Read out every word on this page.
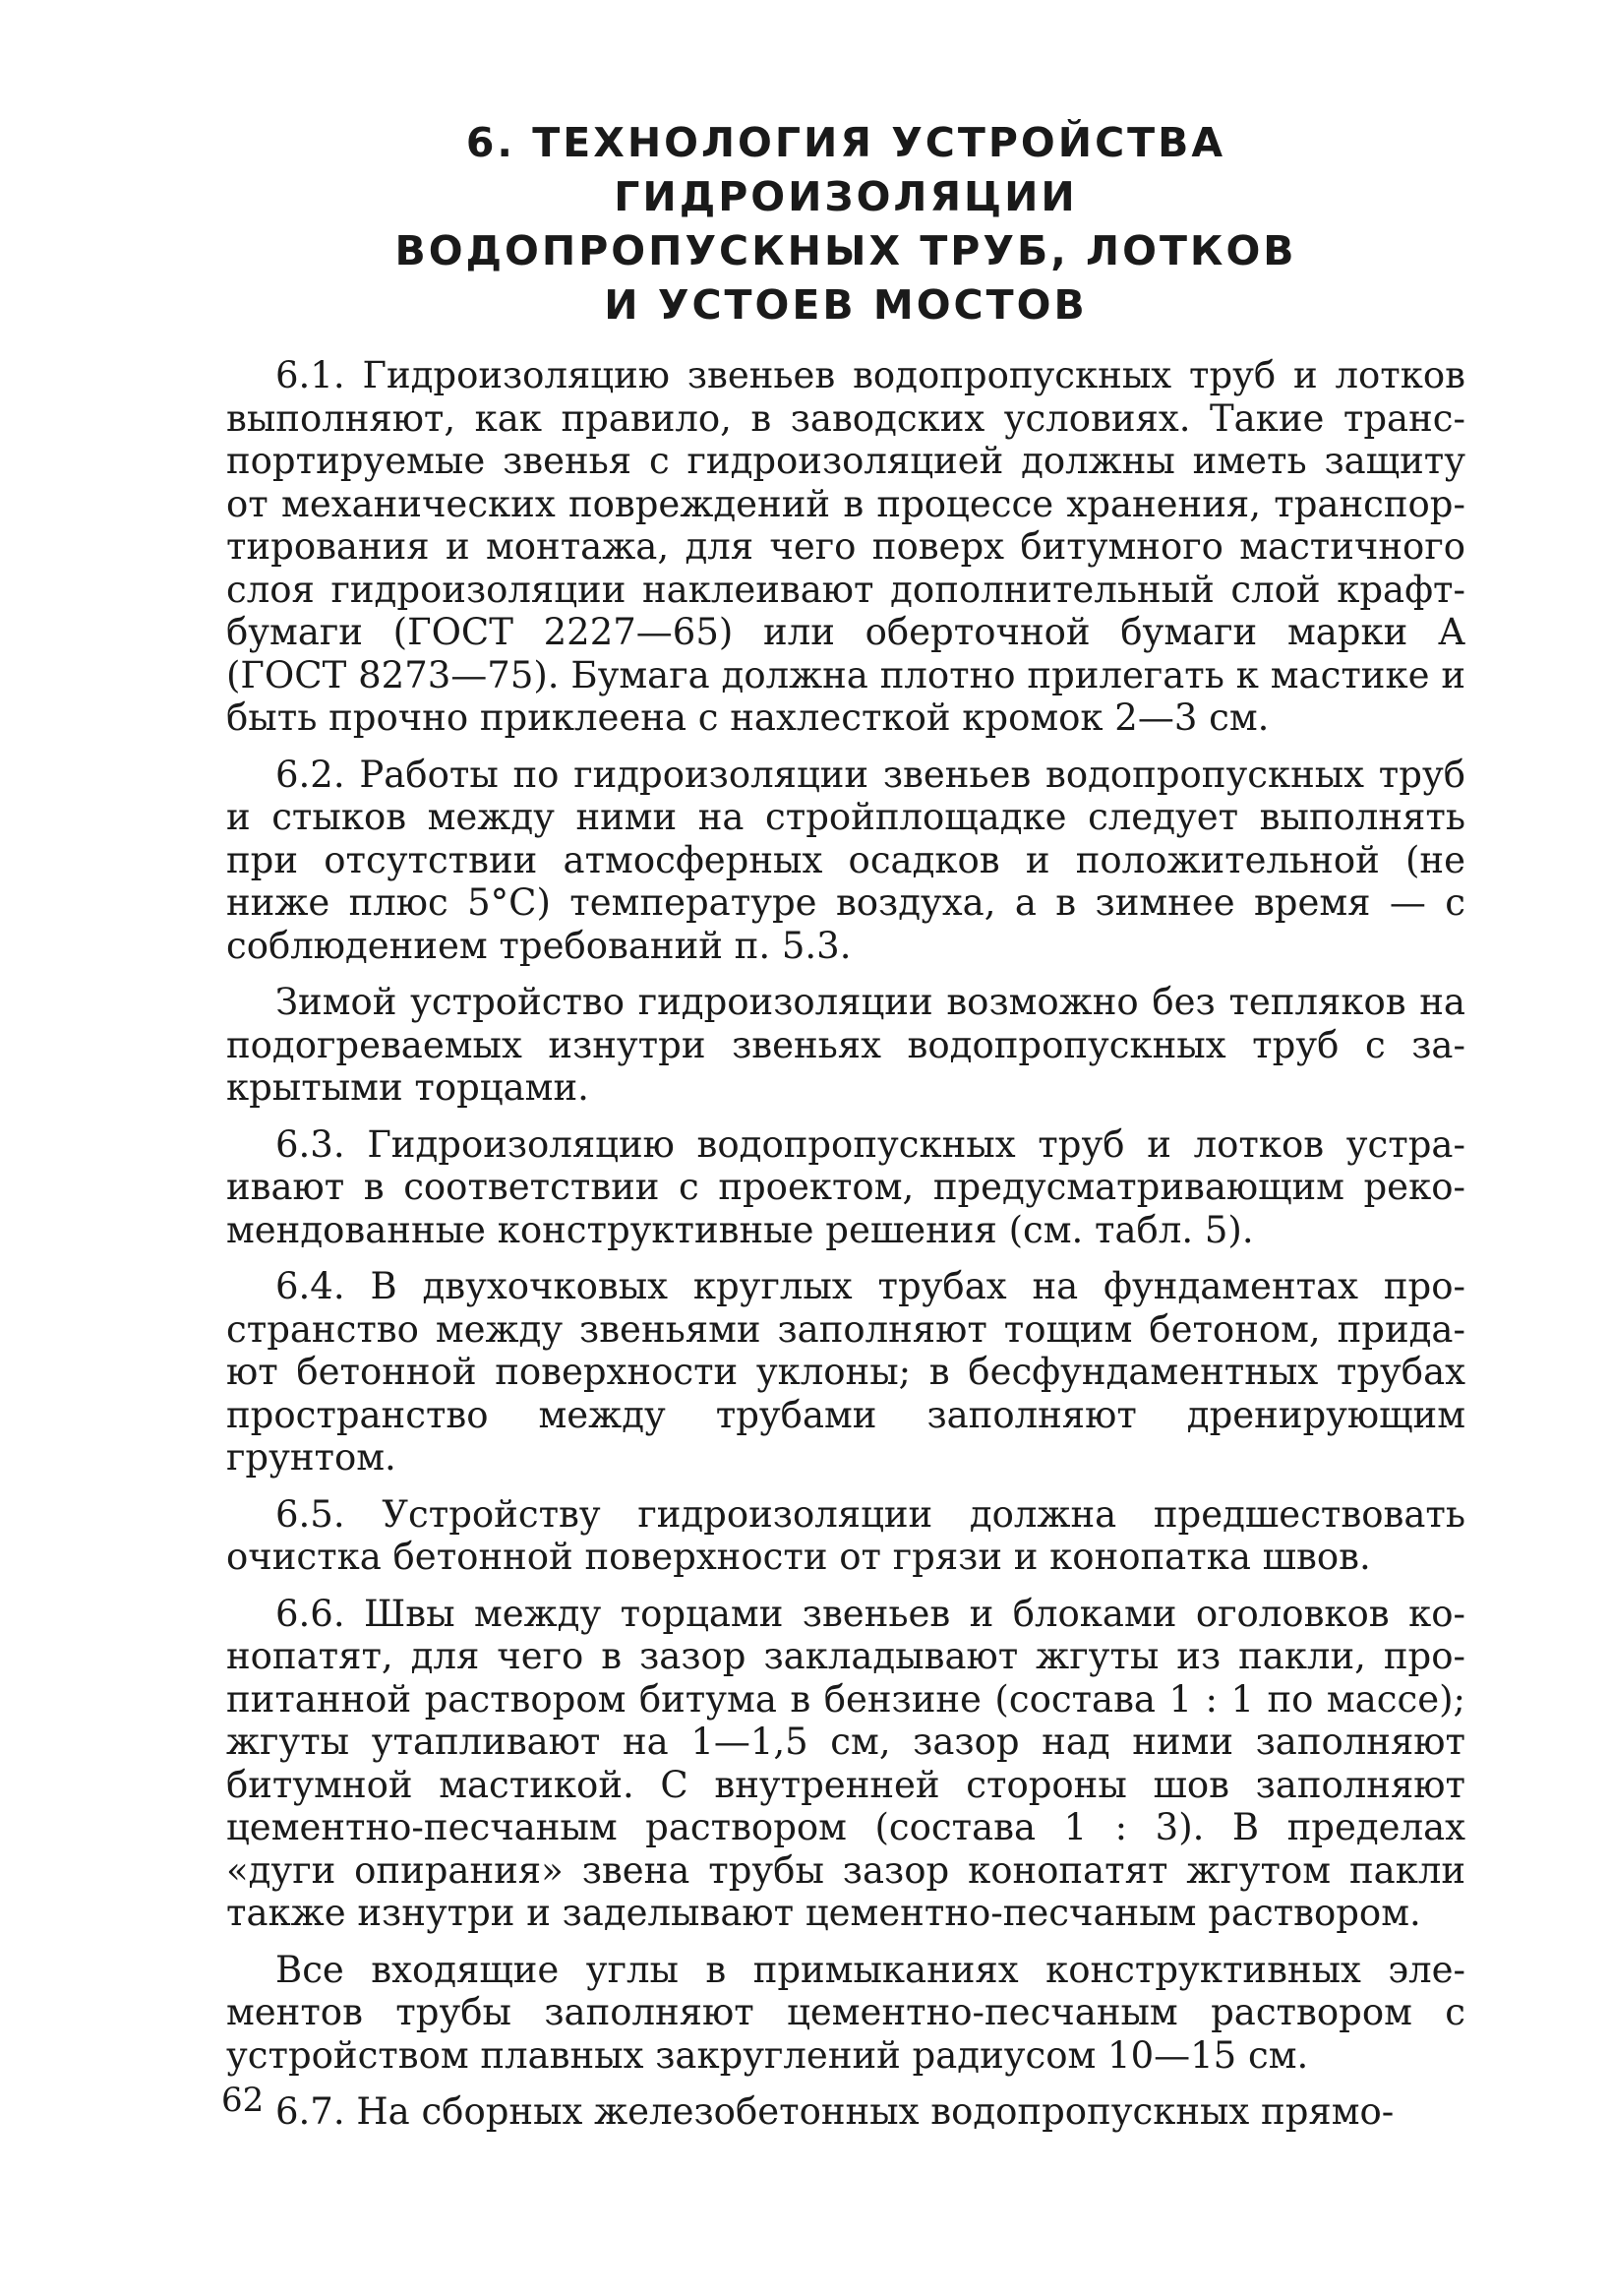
6. ТЕХНОЛОГИЯ УСТРОЙСТВА ГИДРОИЗОЛЯЦИИ
ВОДОПРОПУСКНЫХ ТРУБ, ЛОТКОВ
И УСТОЕВ МОСТОВ

6.1. Гидроизоляцию звеньев водопропускных труб и лотков выполняют, как правило, в заводских условиях. Такие транспортируемые звенья с гидроизоляцией должны иметь защиту от механических повреждений в процессе хранения, транспортирования и монтажа, для чего поверх битумного мастичного слоя гидроизоляции наклеивают дополнительный слой крафт-бумаги (ГОСТ 2227—65) или оберточной бумаги марки А (ГОСТ 8273—75). Бумага должна плотно прилегать к мастике и быть прочно приклеена с нахлесткой кромок 2—3 см.

6.2. Работы по гидроизоляции звеньев водопропускных труб и стыков между ними на стройплощадке следует выполнять при отсутствии атмосферных осадков и положительной (не ниже плюс 5°С) температуре воздуха, а в зимнее время — с соблюдением требований п. 5.3.

Зимой устройство гидроизоляции возможно без тепляков на подогреваемых изнутри звеньях водопропускных труб с закрытыми торцами.

6.3. Гидроизоляцию водопропускных труб и лотков устраивают в соответствии с проектом, предусматривающим рекомендованные конструктивные решения (см. табл. 5).

6.4. В двухочковых круглых трубах на фундаментах пространство между звеньями заполняют тощим бетоном, придают бетонной поверхности уклоны; в бесфундаментных трубах пространство между трубами заполняют дренирующим грунтом.

6.5. Устройству гидроизоляции должна предшествовать очистка бетонной поверхности от грязи и конопатка швов.

6.6. Швы между торцами звеньев и блоками оголовков конопатят, для чего в зазор закладывают жгуты из пакли, пропитанной раствором битума в бензине (состава 1 : 1 по массе); жгуты утапливают на 1—1,5 см, зазор над ними заполняют битумной мастикой. С внутренней стороны шов заполняют цементно-песчаным раствором (состава 1 : 3). В пределах «дуги опирания» звена трубы зазор конопатят жгутом пакли также изнутри и заделывают цементно-песчаным раствором.

Все входящие углы в примыканиях конструктивных элементов трубы заполняют цементно-песчаным раствором с устройством плавных закруглений радиусом 10—15 см.

6.7. На сборных железобетонных водопропускных прямо-

62
